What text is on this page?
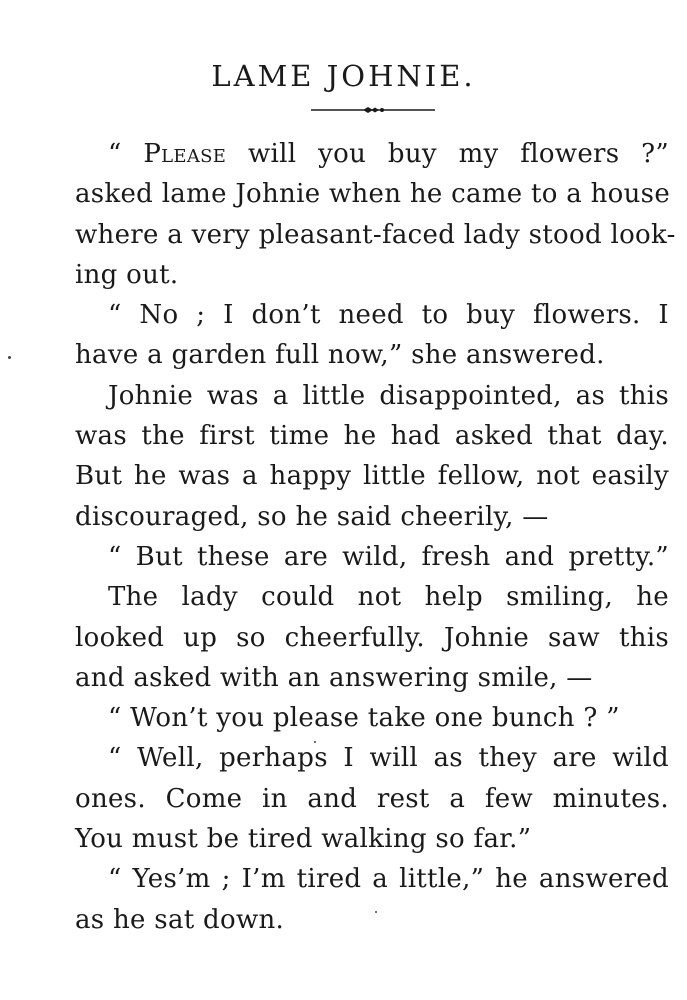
LAME JOHNIE.
“ Please will you buy my flowers ?”
asked lame Johnie when he came to a house
where a very pleasant-faced lady stood look-
ing out.
“ No ; I don’t need to buy flowers. I
have a garden full now,” she answered.
Johnie was a little disappointed, as this
was the first time he had asked that day.
But he was a happy little fellow, not easily
discouraged, so he said cheerily, —
“ But these are wild, fresh and pretty.”
The lady could not help smiling, he
looked up so cheerfully. Johnie saw this
and asked with an answering smile, —
“ Won’t you please take one bunch ? ”
“ Well, perhaps I will as they are wild
ones. Come in and rest a few minutes.
You must be tired walking so far.”
“ Yes’m ; I’m tired a little,” he answered
as he sat down.
